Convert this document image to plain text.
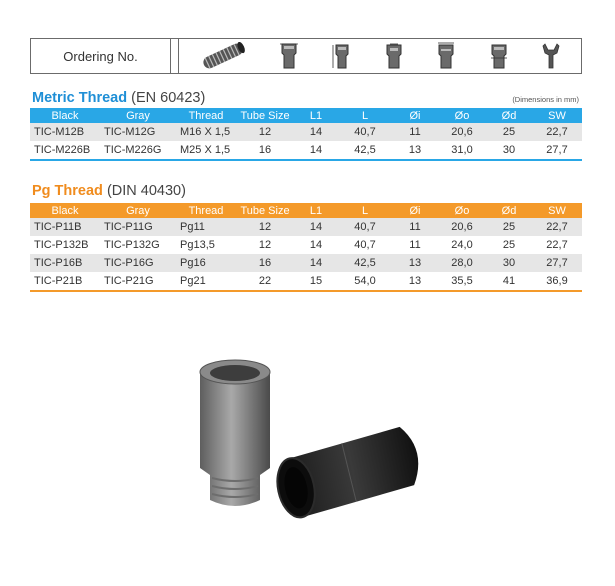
Ordering No.
Metric Thread (EN 60423)	(Dimensions in mm)
Black	Gray	Thread	Tube Size	L1	L	Øi	Øo	Ød	SW
TIC-M12B	TIC-M12G	M16 X 1,5	12	14	40,7	11	20,6	25	22,7
TIC-M226B	TIC-M226G	M25 X 1,5	16	14	42,5	13	31,0	30	27,7
Pg Thread (DIN 40430)
Black	Gray	Thread	Tube Size	L1	L	Øi	Øo	Ød	SW
TIC-P11B	TIC-P11G	Pg11	12	14	40,7	11	20,6	25	22,7
TIC-P132B	TIC-P132G	Pg13,5	12	14	40,7	11	24,0	25	22,7
TIC-P16B	TIC-P16G	Pg16	16	14	42,5	13	28,0	30	27,7
TIC-P21B	TIC-P21G	Pg21	22	15	54,0	13	35,5	41	36,9
